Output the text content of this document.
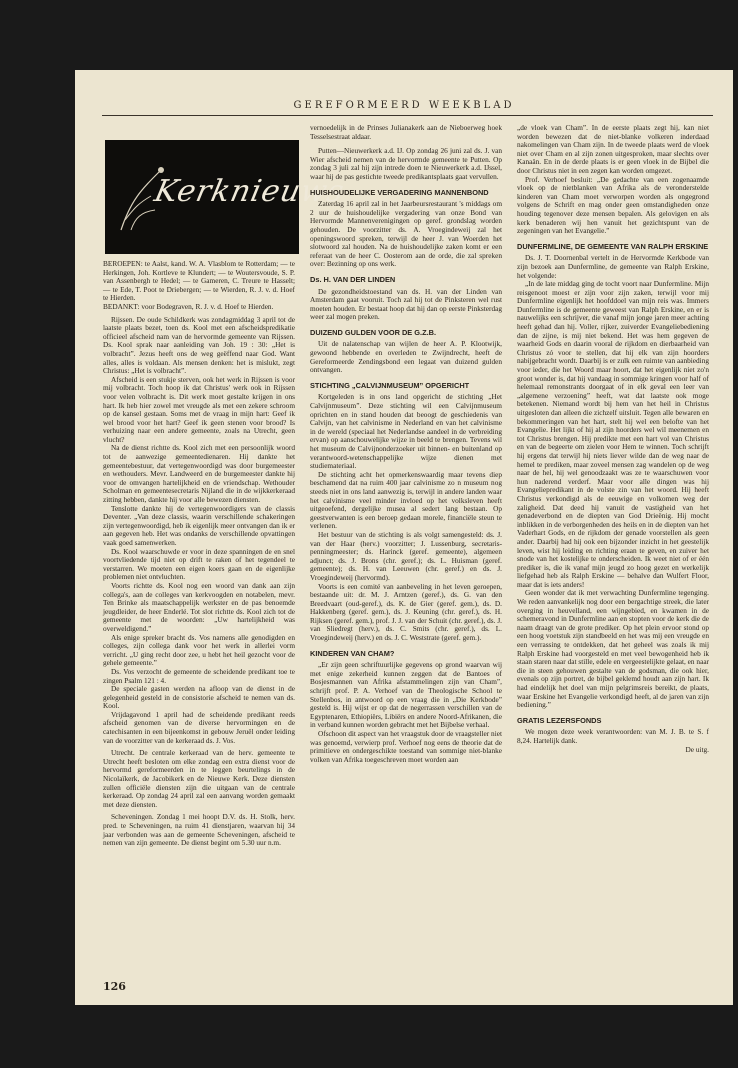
GEREFORMEERD WEEKBLAD
Kerknieuws

BEROEPEN: te Aalst, kand. W. A. Vlasblom te Rotterdam; — te Herkingen, Joh. Kortleve te Klundert; — te Woutersvoude, S. P. van Assenbergh te Hedel; — te Gameren, C. Treure te Hasselt; — te Ede, T. Poot te Driebergen; — te Wierden, R. J. v. d. Hoef te Hierden.

BEDANKT: voor Bodegraven, R. J. v. d. Hoef te Hierden.

Rijssen. De oude Schildkerk was zondagmiddag 3 april tot de laatste plaats bezet, toen ds. Kool met een afscheidspredikatie officieel afscheid nam van de hervormde gemeente van Rijssen. Ds. Kool sprak naar aanleiding van Joh. 19 : 30: „Het is volbracht”. Jezus heeft ons de weg geëffend naar God. Want alles, alles is voldaan. Als mensen denken: het is mislukt, zegt Christus: „Het is volbracht”.

Afscheid is een stukje sterven, ook het werk in Rijssen is voor mij volbracht. Toch hoop ik dat Christus' werk ook in Rijssen voor velen volbracht is. Dit werk moet gestalte krijgen in ons hart. Ik heb hier zowel met vreugde als met een zekere schroom op de kansel gestaan. Soms met de vraag in mijn hart: Geef ik wel brood voor het hart? Geef ik geen stenen voor brood? Is verhuizing naar een andere gemeente, zoals na Utrecht, geen vlucht?

Na de dienst richtte ds. Kool zich met een persoonlijk woord tot de aanwezige gemeentedienaren. Hij dankte het gemeentebestuur, dat vertegenwoordigd was door burgemeester en wethouders. Mevr. Landweerd en de burgemeester dankte hij voor de omvangen hartelijkheid en de vriendschap. Wethouder Scholman en gemeentesecretaris Nijland die in de wijkkerkeraad zitting hebben, dankte hij voor alle bewezen diensten.

Tenslotte dankte hij de vertegenwoordigers van de classis Deventer. „Van deze classis, waarin verschillende schakeringen zijn vertegenwoordigd, heb ik eigenlijk meer ontvangen dan ik er aan gegeven heb. Het was ondanks de verschillende opvattingen vaak goed samenwerken.

Ds. Kool waarschuwde er voor in deze spanningen de en snel voortvliedende tijd niet op drift te raken of het tegendeel te verstarren. We moeten een eigen koers gaan en de eigenlijke problemen niet ontvluchten.

Voorts richtte ds. Kool nog een woord van dank aan zijn collega's, aan de colleges van kerkvoogden en notabelen, mevr. Ten Brinke als maatschappelijk werkster en de pas benoemde jeugdleider, de heer Enderlé. Tot slot richtte ds. Kool zich tot de gemeente met de woorden: „Uw hartelijkheid was overweldigend.”

Als enige spreker bracht ds. Vos namens alle genodigden en colleges, zijn collega dank voor het werk in allerlei vorm verricht. „U ging recht door zee, u hebt het heil gezocht voor de gehele gemeente.”

Ds. Vos verzocht de gemeente de scheidende predikant toe te zingen Psalm 121 : 4.

De speciale gasten werden na afloop van de dienst in de gelegenheid gesteld in de consistorie afscheid te nemen van ds. Kool.

Vrijdagavond 1 april had de scheidende predikant reeds afscheid genomen van de diverse hervormingen en de catechisanten in een bijeenkomst in gebouw Jeruël onder leiding van de voorzitter van de kerkeraad ds. J. Vos.

Utrecht. De centrale kerkeraad van de herv. gemeente te Utrecht heeft besloten om elke zondag een extra dienst voor de hervormd gereformeerden in te leggen beurtelings in de Nicolaïkerk, de Jacobikerk en de Nieuwe Kerk. Deze diensten zullen officiële diensten zijn die uitgaan van de centrale kerkeraad. Op zondag 24 april zal een aanvang worden gemaakt met deze diensten.

Scheveningen. Zondag 1 mei hoopt D.V. ds. H. Stolk, herv. pred. te Scheveningen, na ruim 41 dienstjaren, waarvan hij 34 jaar verbonden was aan de gemeente Scheveningen, afscheid te nemen van zijn gemeente. De dienst begint om 5.30 uur n.m.

vernoedelijk in de Prinses Julianakerk aan de Nieboerweg hoek Tesselsestraat aldaar.

Putten—Nieuwerkerk a.d. IJ. Op zondag 26 juni zal ds. J. van Wier afscheid nemen van de hervormde gemeente te Putten. Op zondag 3 juli zal hij zijn intrede doen te Nieuwerkerk a.d. IJssel, waar hij de pas gestichte tweede predikantsplaats gaat vervullen.

HUISHOUDELIJKE VERGADERING MANNENBOND

Zaterdag 16 april zal in het Jaarbeursrestaurant 's middags om 2 uur de huishoudelijke vergadering van onze Bond van Hervormde Mannenverenigingen op geref. grondslag worden gehouden. De voorzitter ds. A. Vroegindeweij zal het openingswoord spreken, terwijl de heer J. van Woerden het slotwoord zal houden. Na de huishoudelijke zaken komt er een referaat van de heer C. Oosterom aan de orde, die zal spreken over: Bezinning op ons werk.

Ds. H. VAN DER LINDEN

De gezondheidstoestand van ds. H. van der Linden van Amsterdam gaat vooruit. Toch zal hij tot de Pinksteren wel rust moeten houden. Er bestaat hoop dat hij dan op eerste Pinksterdag weer zal mogen preken.

DUIZEND GULDEN VOOR DE G.Z.B.

Uit de nalatenschap van wijlen de heer A. P. Klootwijk, gewoond hebbende en overleden te Zwijndrecht, heeft de Gereformeerde Zendingsbond een legaat van duizend gulden ontvangen.

STICHTING „CALVIJNMUSEUM” OPGERICHT

Kortgeleden is in ons land opgericht de stichting „Het Calvijnmuseum”. Deze stichting wil een Calvijnmuseum oprichten en in stand houden dat beoogt de geschiedenis van Calvijn, van het calvinisme in Nederland en van het calvinisme in de wereld (speciaal het Nederlandse aandeel in de verbreiding ervan) op aanschouwelijke wijze in beeld te brengen. Tevens wil het museum de Calvijnonderzoeker uit binnen- en buitenland op verantwoord-wetenschappelijke wijze dienen met studiemateriaal.

De stichting acht het opmerkenswaardig maar tevens diep beschamend dat na ruim 400 jaar calvinisme zo n museum nog steeds niet in ons land aanwezig is, terwijl in andere landen waar het calvinisme veel minder invloed op het volksleven heeft uitgeoefend, dergelijke musea al sedert lang bestaan. Op geestverwanten is een beroep gedaan morele, financiële steun te verlenen.

Het bestuur van de stichting is als volgt samengesteld: ds. J. van der Haar (herv.) voorzitter; J. Lussenburg, secretaris-penningmeester; ds. Harinck (geref. gemeente), algemeen adjunct; ds. J. Brons (chr. geref.); ds. L. Huisman (geref. gemeente); ds. H. van Leeuwen (chr. geref.) en ds. J. Vroegindeweij (hervormd).

Voorts is een comité van aanbeveling in het leven geroepen, bestaande uit: dr. M. J. Arntzen (geref.), ds. G. van den Breedvaart (oud-geref.), ds. K. de Gier (geref. gem.), ds. D. Hakkenberg (geref. gem.), ds. J. Keuning (chr. geref.), ds. H. Rijksen (geref. gem.), prof. J. J. van der Schuit (chr. geref.), ds. J. van Sliedregt (herv.), ds. C. Smits (chr. geref.), ds. L. Vroegindeweij (herv.) en ds. J. C. Weststrate (geref. gem.).

KINDEREN VAN CHAM?

„Er zijn geen schriftuurlijke gegevens op grond waarvan wij met enige zekerheid kunnen zeggen dat de Bantoes of Bosjesmannen van Afrika afstammelingen zijn van Cham”, schrijft prof. P. A. Verhoef van de Theologische School te Stellenbos, in antwoord op een vraag die in „Die Kerkbode” gesteld is. Hij wijst er op dat de negerrassen verschillen van de Egyptenaren, Ethiopiërs, Libiërs en andere Noord-Afrikanen, die in verband kunnen worden gebracht met het Bijbelse verhaal.

Ofschoon dit aspect van het vraagstuk door de vraagsteller niet was genoemd, verwierp prof. Verhoef nog eens de theorie dat de primitieve en ondergeschikte toestand van sommige niet-blanke volken van Afrika toegeschreven moet worden aan

„de vloek van Cham”. In de eerste plaats zegt hij, kan niet worden bewezen dat de niet-blanke volkeren inderdaad nakomelingen van Cham zijn. In de tweede plaats werd de vloek niet over Cham en al zijn zonen uitgesproken, maar slechts over Kanaän. En in de derde plaats is er geen vloek in de Bijbel die door Christus niet in een zegen kan worden omgezet.

Prof. Verhoef besluit: „De gedachte van een zogenaamde vloek op de nietblanken van Afrika als de veronderstelde kinderen van Cham moet verworpen worden als ongegrond volgens de Schrift en mag onder geen omstandigheden onze houding tegenover deze mensen bepalen. Als gelovigen en als kerk benaderen wij hen vanuit het gezichtspunt van de zegeningen van het Evangelie.”

DUNFERMLINE, DE GEMEENTE VAN RALPH ERSKINE

Ds. J. T. Doornenbal vertelt in de Hervormde Kerkbode van zijn bezoek aan Dunfermline, de gemeente van Ralph Erskine, het volgende:

„In de late middag ging de tocht voort naar Dunfermline. Mijn reisgenoot moest er zijn voor zijn zaken, terwijl voor mij Dunfermline eigenlijk het hoofddoel van mijn reis was. Immers Dunfermline is de gemeente geweest van Ralph Erskine, en er is nauwelijks een schrijver, die vanaf mijn jonge jaren meer achting heeft gehad dan hij. Voller, rijker, zuiverder Evangeliebediening dan de zijne, is mij niet bekend. Het was hem gegeven de waarheid Gods en daarin vooral de rijkdom en dierbaarheid van Christus zó voor te stellen, dat hij elk van zijn hoorders nabijgebracht wordt. Daarbij is er zulk een ruimte van aanbieding voor ieder, die het Woord maar hoort, dat het eigenlijk niet zo'n groot wonder is, dat hij vandaag in sommige kringen voor half of helemaal remonstrants doorgaat of in elk geval een leer van „algemene verzoening” heeft, wat dat laatste ook moge betekenen. Niemand wordt bij hem van het heil in Christus uitgesloten dan alleen die zichzelf uitsluit. Tegen alle bewaren en bekommeringen van het hart, stelt hij wel een belofte van het Evangelie. Het lijkt of hij al zijn hoorders wel wil meenemen en tot Christus brengen. Hij predikte met een hart vol van Christus en van de begeerte om zielen voor Hem te winnen. Toch schrijft hij ergens dat terwijl hij niets liever wilde dan de weg naar de hemel te prediken, maar zoveel mensen zag wandelen op de weg naar de hel, hij wel genoodzaakt was ze te waarschuwen voor hun naderend verderf. Maar voor alle dingen was hij Evangeliepredikant in de volste zin van het woord. Hij heeft Christus verkondigd als de eeuwige en volkomen weg der zaligheid. Dat deed hij vanuit de vastigheid van het genadeverbond en de diepten van God Drieënig. Hij mocht inblikken in de verborgenheden des heils en in de diepten van het Vaderhart Gods, en de rijkdom der genade voorstellen als geen ander. Daarbij had hij ook een bijzonder inzicht in het geestelijk leven, wist hij leiding en richting eraan te geven, en zuiver het snode van het kostelijke te onderscheiden. Ik weet niet of er één prediker is, die ik vanaf mijn jeugd zo hoog gezet en werkelijk liefgehad heb als Ralph Erskine — behalve dan Wulfert Floor, maar dat is iets anders!

Geen wonder dat ik met verwachting Dunfermline tegenging. We reden aanvankelijk nog door een bergachtige streek, die later overging in heuvelland, een wijngebied, en kwamen in de schemeravond in Dunfermline aan en stopten voor de kerk die de naam draagt van de grote prediker. Op het plein ervoor stond op een hoog voetstuk zijn standbeeld en het was mij een vreugde en een verrassing te ontdekken, dat het geheel was zoals ik mij Ralph Erskine had voorgesteld en met veel bewogenheid heb ik staan staren naar dat stille, edele en vergeestelijkte gelaat, en naar die in steen gehouwen gestalte van de godsman, die ook hier, evenals op zijn portret, de bijbel geklemd houdt aan zijn hart. Ik had eindelijk het doel van mijn pelgrimsreis bereikt, de plaats, waar Erskine het Evangelie verkondigd heeft, al de jaren van zijn bediening.”

GRATIS LEZERSFONDS

We mogen deze week verantwoorden: van M. J. B. te S. f 8,24. Hartelijk dank.

De uitg.

126
